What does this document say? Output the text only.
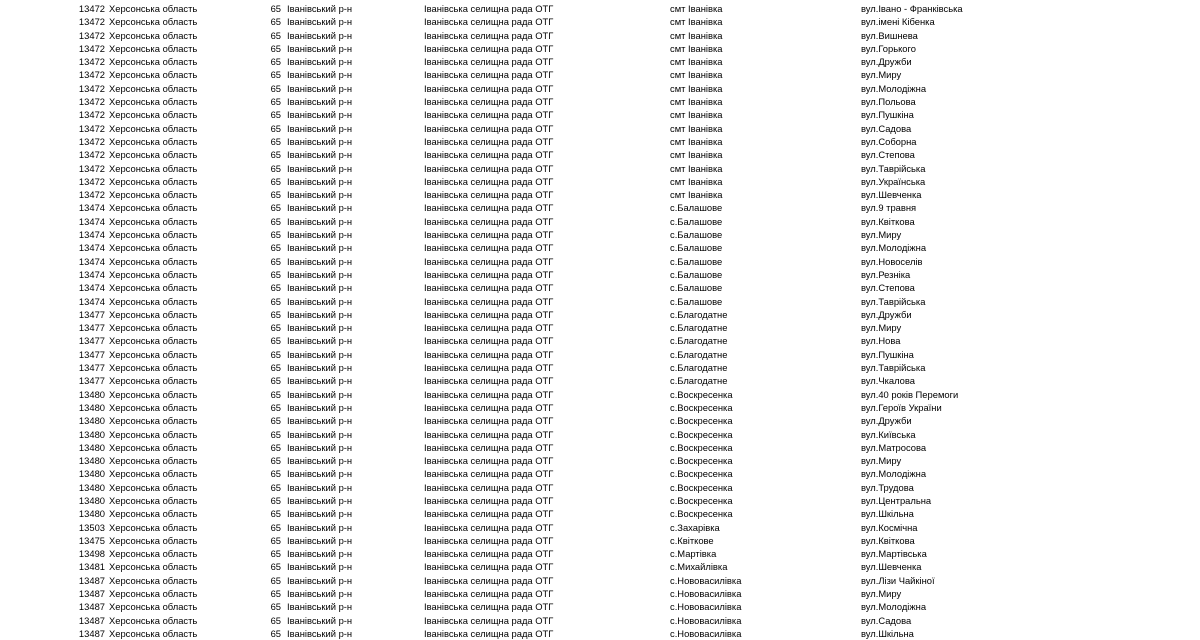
13472 Херсонська область	65 Іванівський р-н	Іванівська селищна рада ОТГ	смт Іванівка	вул.Івано - Франківська
13472 Херсонська область	65 Іванівський р-н	Іванівська селищна рада ОТГ	смт Іванівка	вул.імені Кібенка
13472 Херсонська область	65 Іванівський р-н	Іванівська селищна рада ОТГ	смт Іванівка	вул.Вишнева
13472 Херсонська область	65 Іванівський р-н	Іванівська селищна рада ОТГ	смт Іванівка	вул.Горького
13472 Херсонська область	65 Іванівський р-н	Іванівська селищна рада ОТГ	смт Іванівка	вул.Дружби
13472 Херсонська область	65 Іванівський р-н	Іванівська селищна рада ОТГ	смт Іванівка	вул.Миру
13472 Херсонська область	65 Іванівський р-н	Іванівська селищна рада ОТГ	смт Іванівка	вул.Молодіжна
13472 Херсонська область	65 Іванівський р-н	Іванівська селищна рада ОТГ	смт Іванівка	вул.Польова
13472 Херсонська область	65 Іванівський р-н	Іванівська селищна рада ОТГ	смт Іванівка	вул.Пушкіна
13472 Херсонська область	65 Іванівський р-н	Іванівська селищна рада ОТГ	смт Іванівка	вул.Садова
13472 Херсонська область	65 Іванівський р-н	Іванівська селищна рада ОТГ	смт Іванівка	вул.Соборна
13472 Херсонська область	65 Іванівський р-н	Іванівська селищна рада ОТГ	смт Іванівка	вул.Степова
13472 Херсонська область	65 Іванівський р-н	Іванівська селищна рада ОТГ	смт Іванівка	вул.Таврійська
13472 Херсонська область	65 Іванівський р-н	Іванівська селищна рада ОТГ	смт Іванівка	вул.Українська
13472 Херсонська область	65 Іванівський р-н	Іванівська селищна рада ОТГ	смт Іванівка	вул.Шевченка
13474 Херсонська область	65 Іванівський р-н	Іванівська селищна рада ОТГ	с.Балашове	вул.9 травня
13474 Херсонська область	65 Іванівський р-н	Іванівська селищна рада ОТГ	с.Балашове	вул.Квіткова
13474 Херсонська область	65 Іванівський р-н	Іванівська селищна рада ОТГ	с.Балашове	вул.Миру
13474 Херсонська область	65 Іванівський р-н	Іванівська селищна рада ОТГ	с.Балашове	вул.Молодіжна
13474 Херсонська область	65 Іванівський р-н	Іванівська селищна рада ОТГ	с.Балашове	вул.Новоселів
13474 Херсонська область	65 Іванівський р-н	Іванівська селищна рада ОТГ	с.Балашове	вул.Резніка
13474 Херсонська область	65 Іванівський р-н	Іванівська селищна рада ОТГ	с.Балашове	вул.Степова
13474 Херсонська область	65 Іванівський р-н	Іванівська селищна рада ОТГ	с.Балашове	вул.Таврійська
13477 Херсонська область	65 Іванівський р-н	Іванівська селищна рада ОТГ	с.Благодатне	вул.Дружби
13477 Херсонська область	65 Іванівський р-н	Іванівська селищна рада ОТГ	с.Благодатне	вул.Миру
13477 Херсонська область	65 Іванівський р-н	Іванівська селищна рада ОТГ	с.Благодатне	вул.Нова
13477 Херсонська область	65 Іванівський р-н	Іванівська селищна рада ОТГ	с.Благодатне	вул.Пушкіна
13477 Херсонська область	65 Іванівський р-н	Іванівська селищна рада ОТГ	с.Благодатне	вул.Таврійська
13477 Херсонська область	65 Іванівський р-н	Іванівська селищна рада ОТГ	с.Благодатне	вул.Чкалова
13480 Херсонська область	65 Іванівський р-н	Іванівська селищна рада ОТГ	с.Воскресенка	вул.40 років Перемоги
13480 Херсонська область	65 Іванівський р-н	Іванівська селищна рада ОТГ	с.Воскресенка	вул.Героїв України
13480 Херсонська область	65 Іванівський р-н	Іванівська селищна рада ОТГ	с.Воскресенка	вул.Дружби
13480 Херсонська область	65 Іванівський р-н	Іванівська селищна рада ОТГ	с.Воскресенка	вул.Київська
13480 Херсонська область	65 Іванівський р-н	Іванівська селищна рада ОТГ	с.Воскресенка	вул.Матросова
13480 Херсонська область	65 Іванівський р-н	Іванівська селищна рада ОТГ	с.Воскресенка	вул.Миру
13480 Херсонська область	65 Іванівський р-н	Іванівська селищна рада ОТГ	с.Воскресенка	вул.Молодіжна
13480 Херсонська область	65 Іванівський р-н	Іванівська селищна рада ОТГ	с.Воскресенка	вул.Трудова
13480 Херсонська область	65 Іванівський р-н	Іванівська селищна рада ОТГ	с.Воскресенка	вул.Центральна
13480 Херсонська область	65 Іванівський р-н	Іванівська селищна рада ОТГ	с.Воскресенка	вул.Шкільна
13503 Херсонська область	65 Іванівський р-н	Іванівська селищна рада ОТГ	с.Захарівка	вул.Космічна
13475 Херсонська область	65 Іванівський р-н	Іванівська селищна рада ОТГ	с.Квіткове	вул.Квіткова
13498 Херсонська область	65 Іванівський р-н	Іванівська селищна рада ОТГ	с.Мартівка	вул.Мартівська
13481 Херсонська область	65 Іванівський р-н	Іванівська селищна рада ОТГ	с.Михайлівка	вул.Шевченка
13487 Херсонська область	65 Іванівський р-н	Іванівська селищна рада ОТГ	с.Нововасилівка	вул.Лізи Чайкіної
13487 Херсонська область	65 Іванівський р-н	Іванівська селищна рада ОТГ	с.Нововасилівка	вул.Миру
13487 Херсонська область	65 Іванівський р-н	Іванівська селищна рада ОТГ	с.Нововасилівка	вул.Молодіжна
13487 Херсонська область	65 Іванівський р-н	Іванівська селищна рада ОТГ	с.Нововасилівка	вул.Садова
13487 Херсонська область	65 Іванівський р-н	Іванівська селищна рада ОТГ	с.Нововасилівка	вул.Шкільна
